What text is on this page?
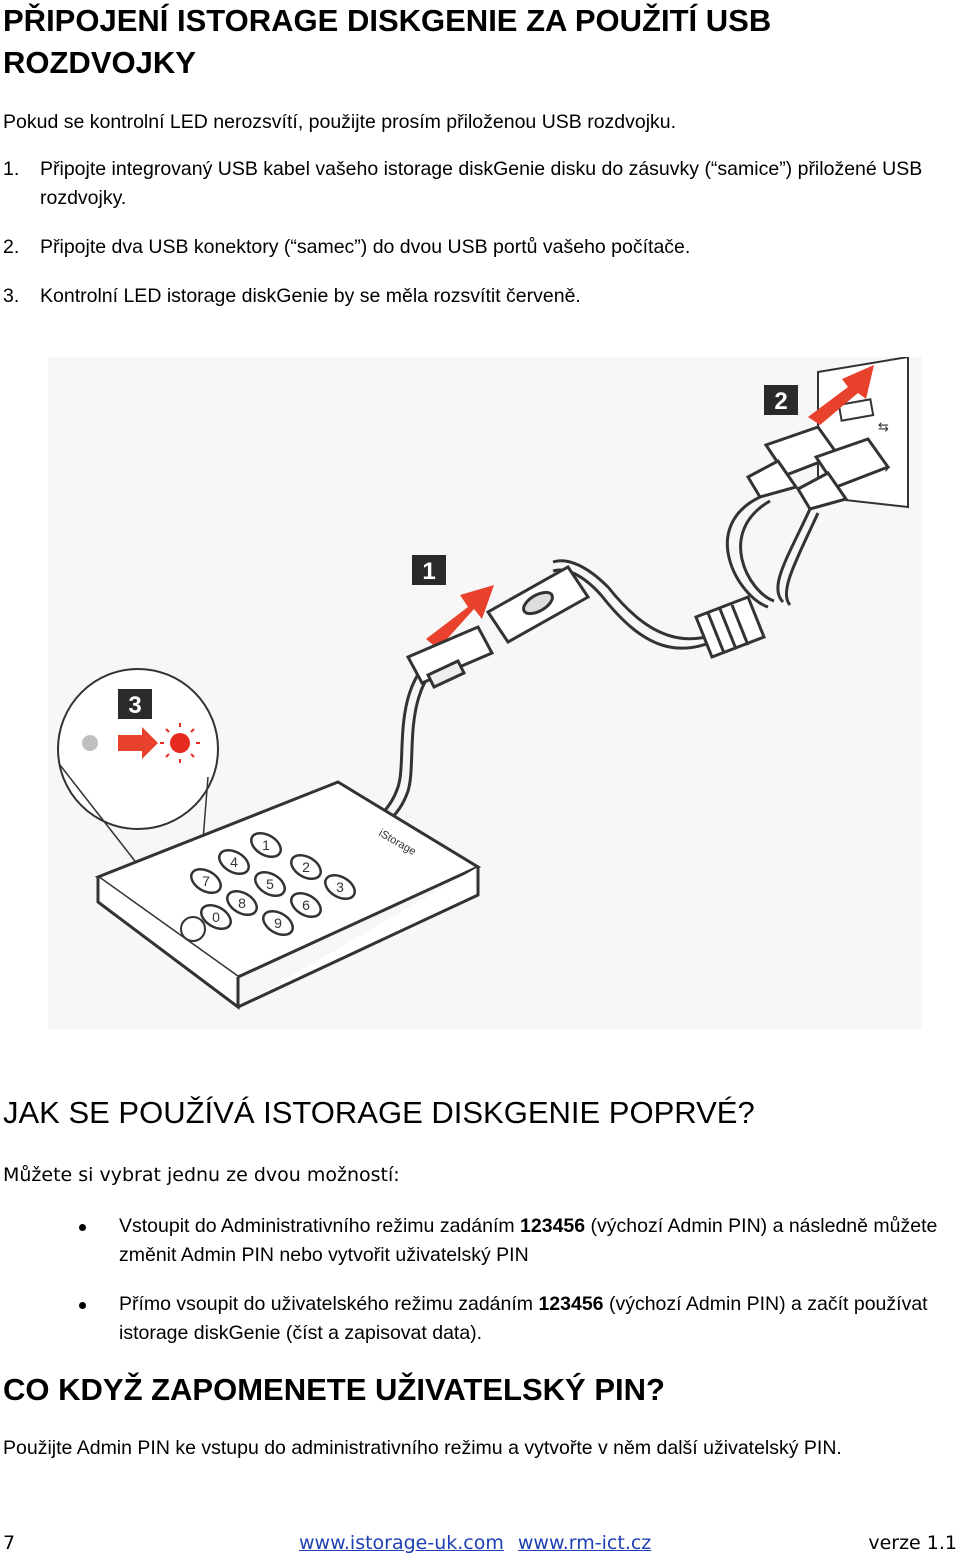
PŘIPOJENÍ ISTORAGE DISKGENIE ZA POUŽITÍ USB ROZDVOJKY
Pokud se kontrolní LED nerozsvítí, použijte prosím přiloženou USB rozdvojku.
1. Připojte integrovaný USB kabel vašeho istorage diskGenie disku do zásuvky (“samice”) přiložené USB rozdvojky.
2. Připojte dva USB konektory (“samec”) do dvou USB portů vašeho počítače.
3. Kontrolní LED istorage diskGenie by se měla rozsvítit červeně.
⇆
2
1
3
iStorage
1
2
3
4
5
6
7
8
9
0
JAK SE POUŽÍVÁ ISTORAGE DISKGENIE POPRVÉ?
Můžete si vybrat jednu ze dvou možností:
Vstoupit do Administrativního režimu zadáním 123456 (výchozí Admin PIN) a následně můžete změnit Admin PIN nebo vytvořit uživatelský PIN
Přímo vsoupit do uživatelského režimu zadáním 123456 (výchozí Admin PIN) a začít používat istorage diskGenie (číst a zapisovat data).
CO KDYŽ ZAPOMENETE UŽIVATELSKÝ PIN?
Použijte Admin PIN ke vstupu do administrativního režimu a vytvořte v něm další uživatelský PIN.
7	www.istorage-uk.com www.rm-ict.cz	verze 1.1
